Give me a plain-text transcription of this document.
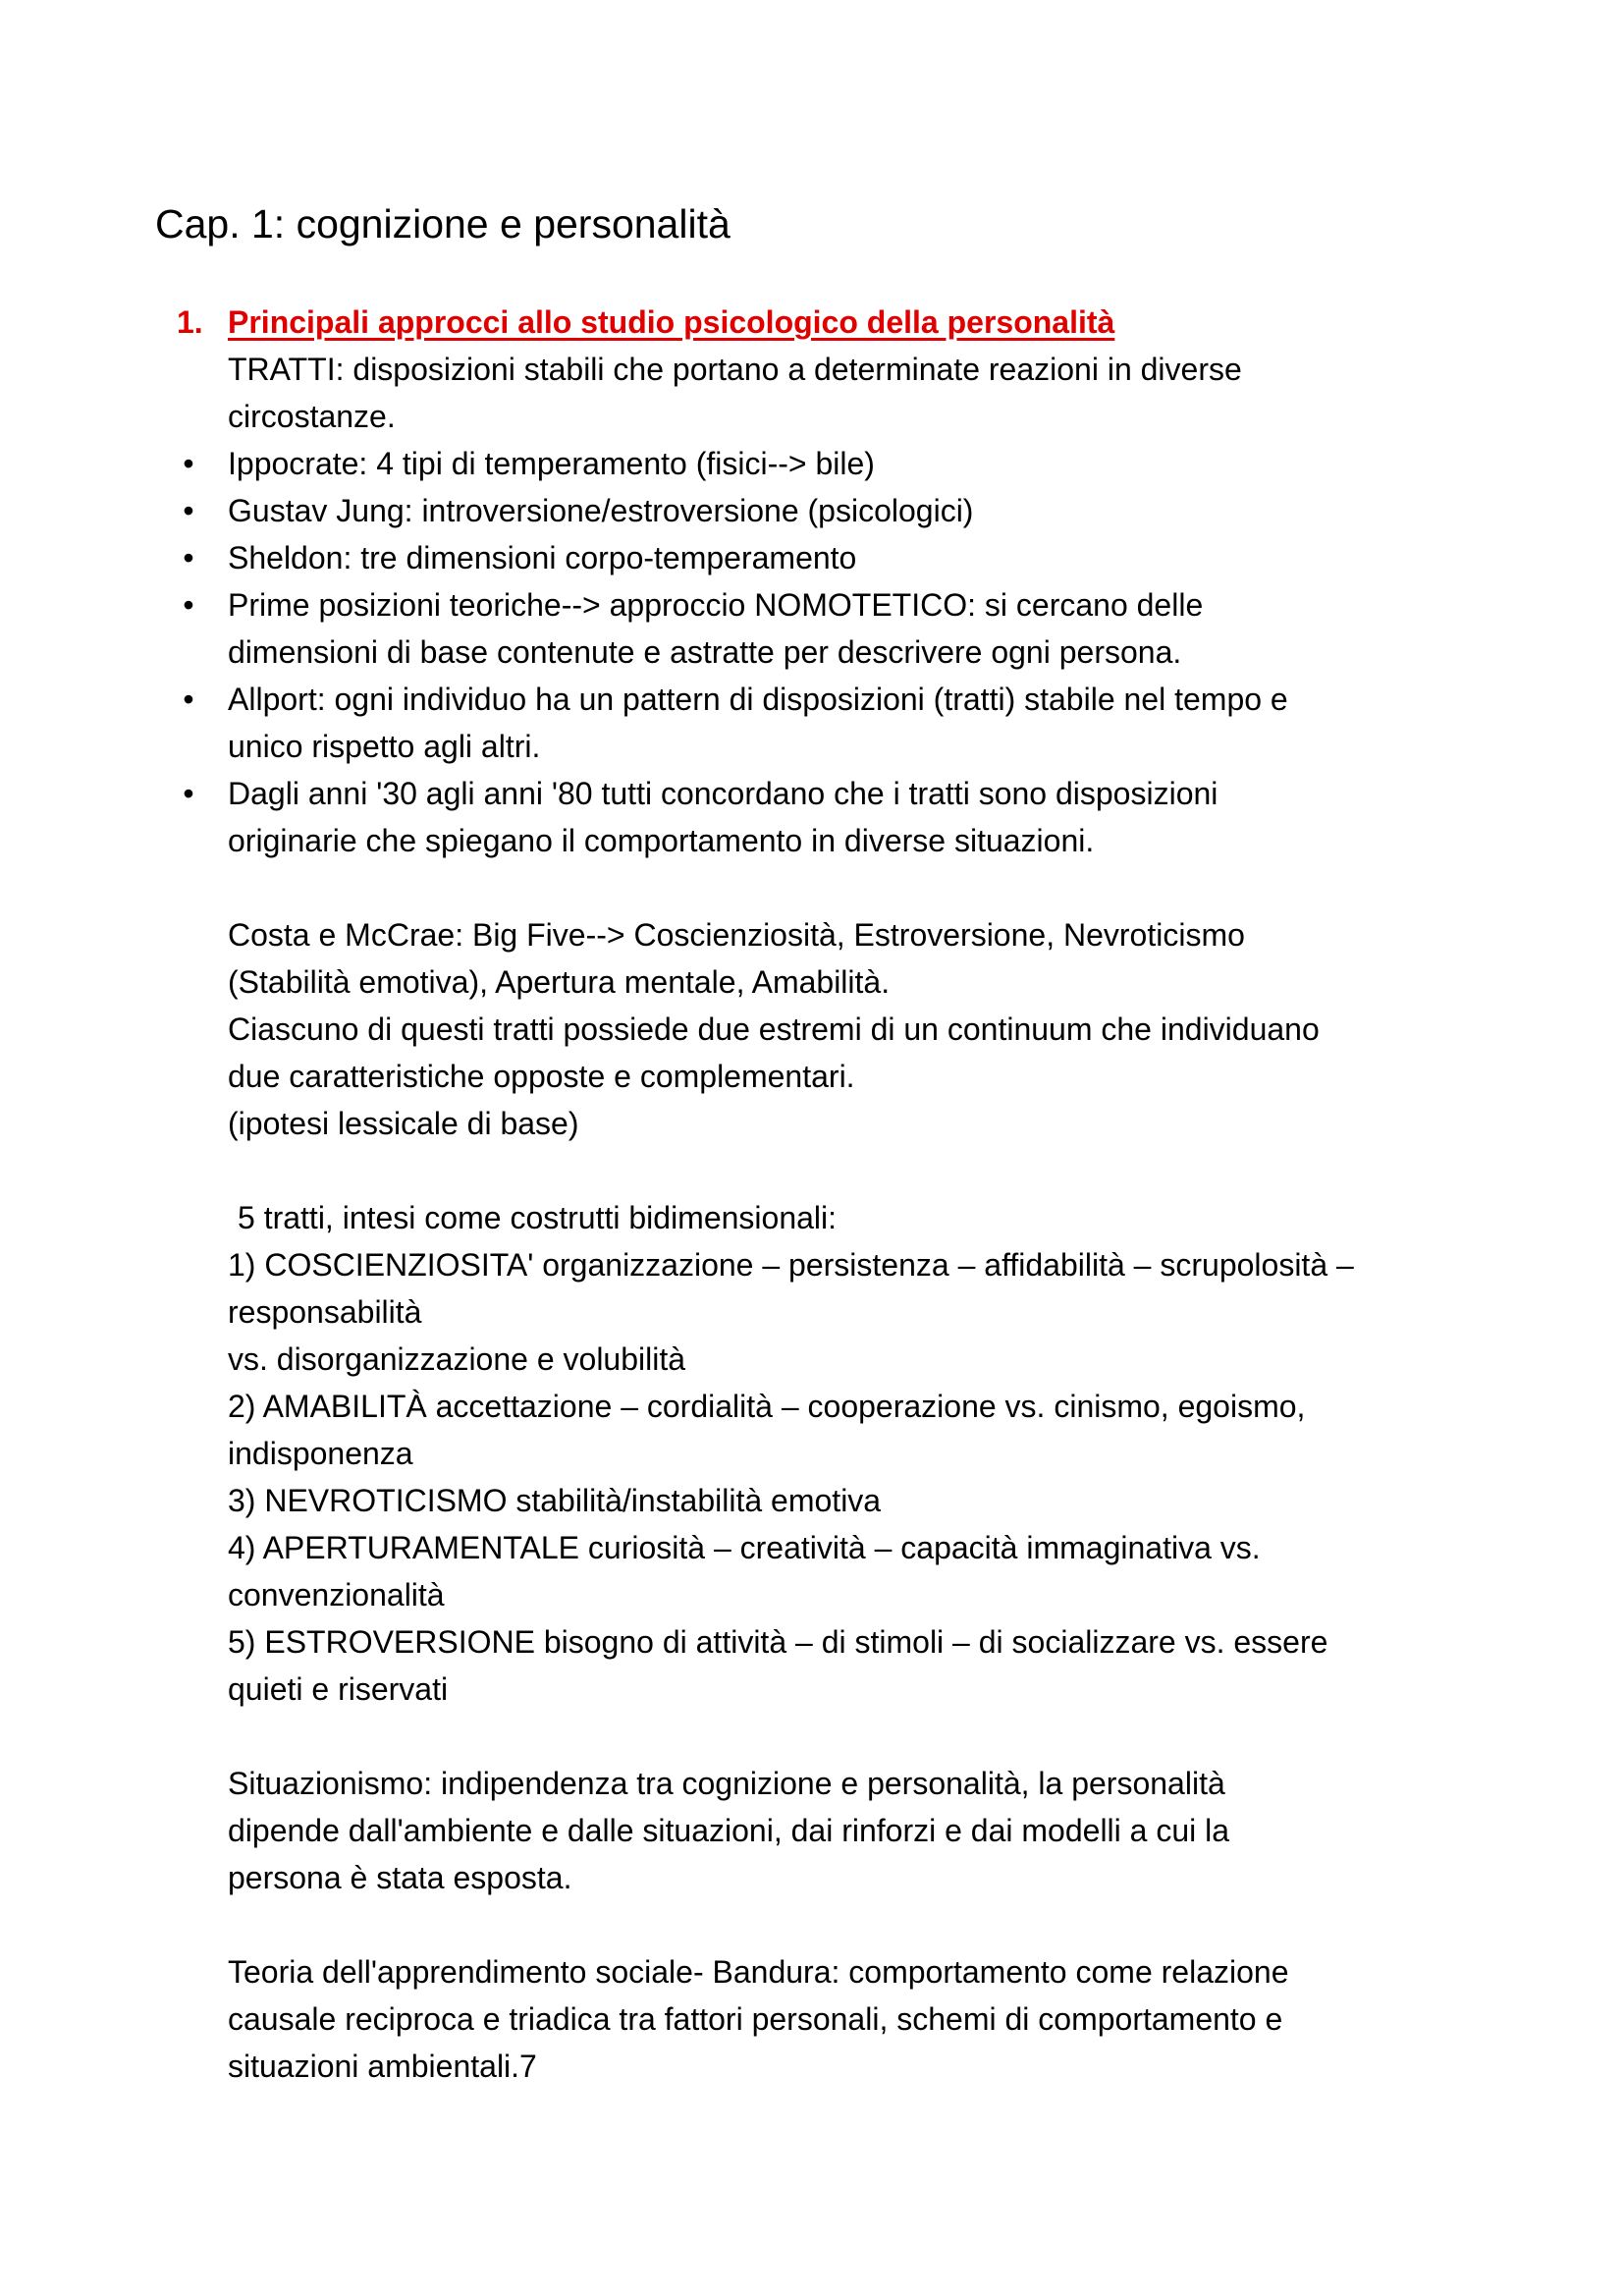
Cap. 1: cognizione e personalità
1. Principali approcci allo studio psicologico della personalità
TRATTI: disposizioni stabili che portano a determinate reazioni in diverse
circostanze.
• Ippocrate: 4 tipi di temperamento (fisici--> bile)
• Gustav Jung: introversione/estroversione (psicologici)
• Sheldon: tre dimensioni corpo-temperamento
• Prime posizioni teoriche--> approccio NOMOTETICO: si cercano delle
dimensioni di base contenute e astratte per descrivere ogni persona.
• Allport: ogni individuo ha un pattern di disposizioni (tratti) stabile nel tempo e
unico rispetto agli altri.
• Dagli anni '30 agli anni '80 tutti concordano che i tratti sono disposizioni
originarie che spiegano il comportamento in diverse situazioni.
Costa e McCrae: Big Five--> Coscienziosità, Estroversione, Nevroticismo
(Stabilità emotiva), Apertura mentale, Amabilità.
Ciascuno di questi tratti possiede due estremi di un continuum che individuano
due caratteristiche opposte e complementari.
(ipotesi lessicale di base)
5 tratti, intesi come costrutti bidimensionali:
1) COSCIENZIOSITA' organizzazione – persistenza – affidabilità – scrupolosità –
responsabilità
vs. disorganizzazione e volubilità
2) AMABILITÀ accettazione – cordialità – cooperazione vs. cinismo, egoismo,
indisponenza
3) NEVROTICISMO stabilità/instabilità emotiva
4) APERTURAMENTALE curiosità – creatività – capacità immaginativa vs.
convenzionalità
5) ESTROVERSIONE bisogno di attività – di stimoli – di socializzare vs. essere
quieti e riservati
Situazionismo: indipendenza tra cognizione e personalità, la personalità
dipende dall'ambiente e dalle situazioni, dai rinforzi e dai modelli a cui la
persona è stata esposta.
Teoria dell'apprendimento sociale- Bandura: comportamento come relazione
causale reciproca e triadica tra fattori personali, schemi di comportamento e
situazioni ambientali.7
